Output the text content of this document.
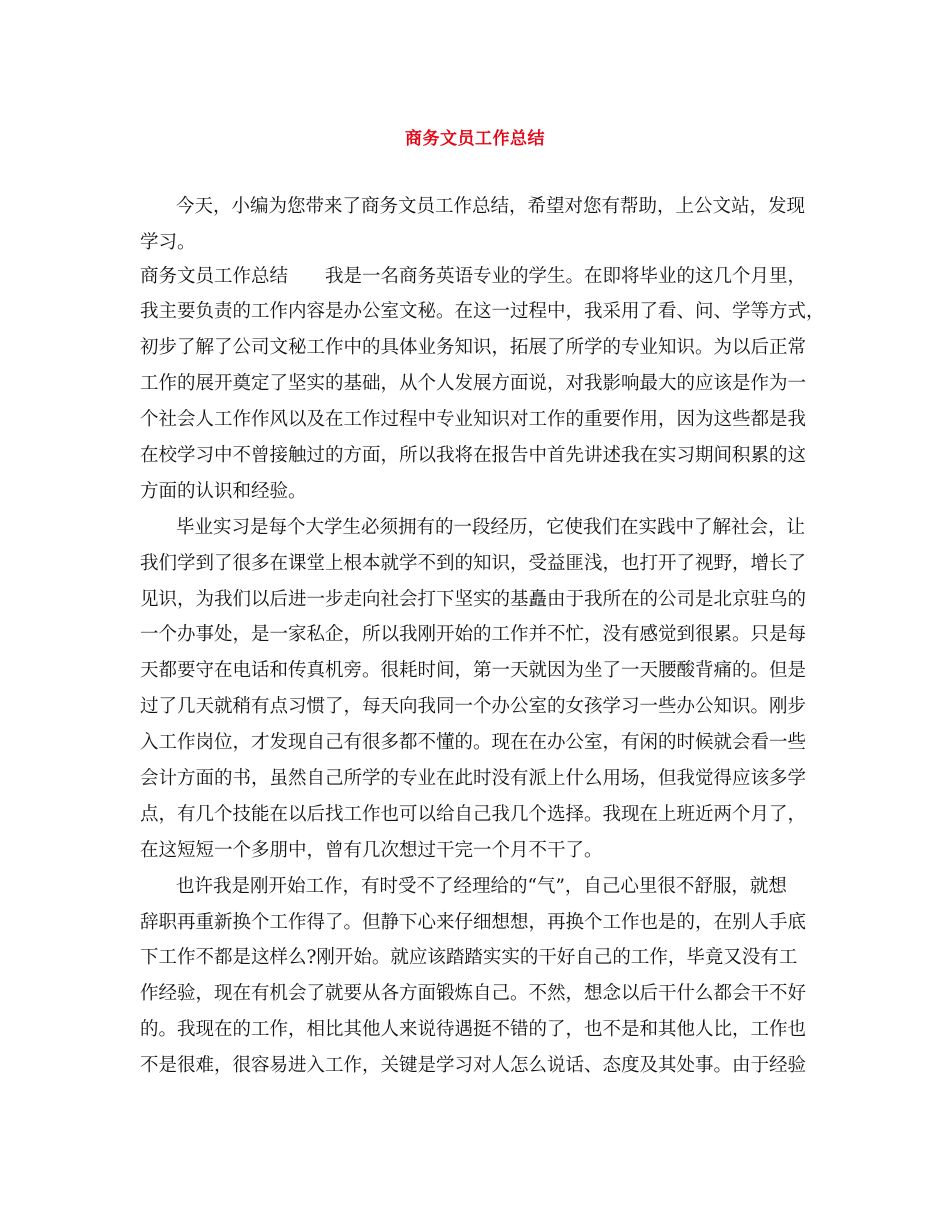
商务文员工作总结
今天，小编为您带来了商务文员工作总结，希望对您有帮助，上公文站，发现
学习。
商务文员工作总结　　我是一名商务英语专业的学生。在即将毕业的这几个月里，
我主要负责的工作内容是办公室文秘。在这一过程中，我采用了看、问、学等方式，
初步了解了公司文秘工作中的具体业务知识，拓展了所学的专业知识。为以后正常
工作的展开奠定了坚实的基础，从个人发展方面说，对我影响最大的应该是作为一
个社会人工作作风以及在工作过程中专业知识对工作的重要作用，因为这些都是我
在校学习中不曾接触过的方面，所以我将在报告中首先讲述我在实习期间积累的这
方面的认识和经验。
毕业实习是每个大学生必须拥有的一段经历，它使我们在实践中了解社会，让
我们学到了很多在课堂上根本就学不到的知识，受益匪浅，也打开了视野，增长了
见识，为我们以后进一步走向社会打下坚实的基矗由于我所在的公司是北京驻乌的
一个办事处，是一家私企，所以我刚开始的工作并不忙，没有感觉到很累。只是每
天都要守在电话和传真机旁。很耗时间，第一天就因为坐了一天腰酸背痛的。但是
过了几天就稍有点习惯了，每天向我同一个办公室的女孩学习一些办公知识。刚步
入工作岗位，才发现自己有很多都不懂的。现在在办公室，有闲的时候就会看一些
会计方面的书，虽然自己所学的专业在此时没有派上什么用场，但我觉得应该多学
点，有几个技能在以后找工作也可以给自己我几个选择。我现在上班近两个月了，
在这短短一个多朋中，曾有几次想过干完一个月不干了。
也许我是刚开始工作，有时受不了经理给的“气”，自己心里很不舒服，就想
辞职再重新换个工作得了。但静下心来仔细想想，再换个工作也是的，在别人手底
下工作不都是这样么?刚开始。就应该踏踏实实的干好自己的工作，毕竟又没有工
作经验，现在有机会了就要从各方面锻炼自己。不然，想念以后干什么都会干不好
的。我现在的工作，相比其他人来说待遇挺不错的了，也不是和其他人比，工作也
不是很难，很容易进入工作，关键是学习对人怎么说话、态度及其处事。由于经验
